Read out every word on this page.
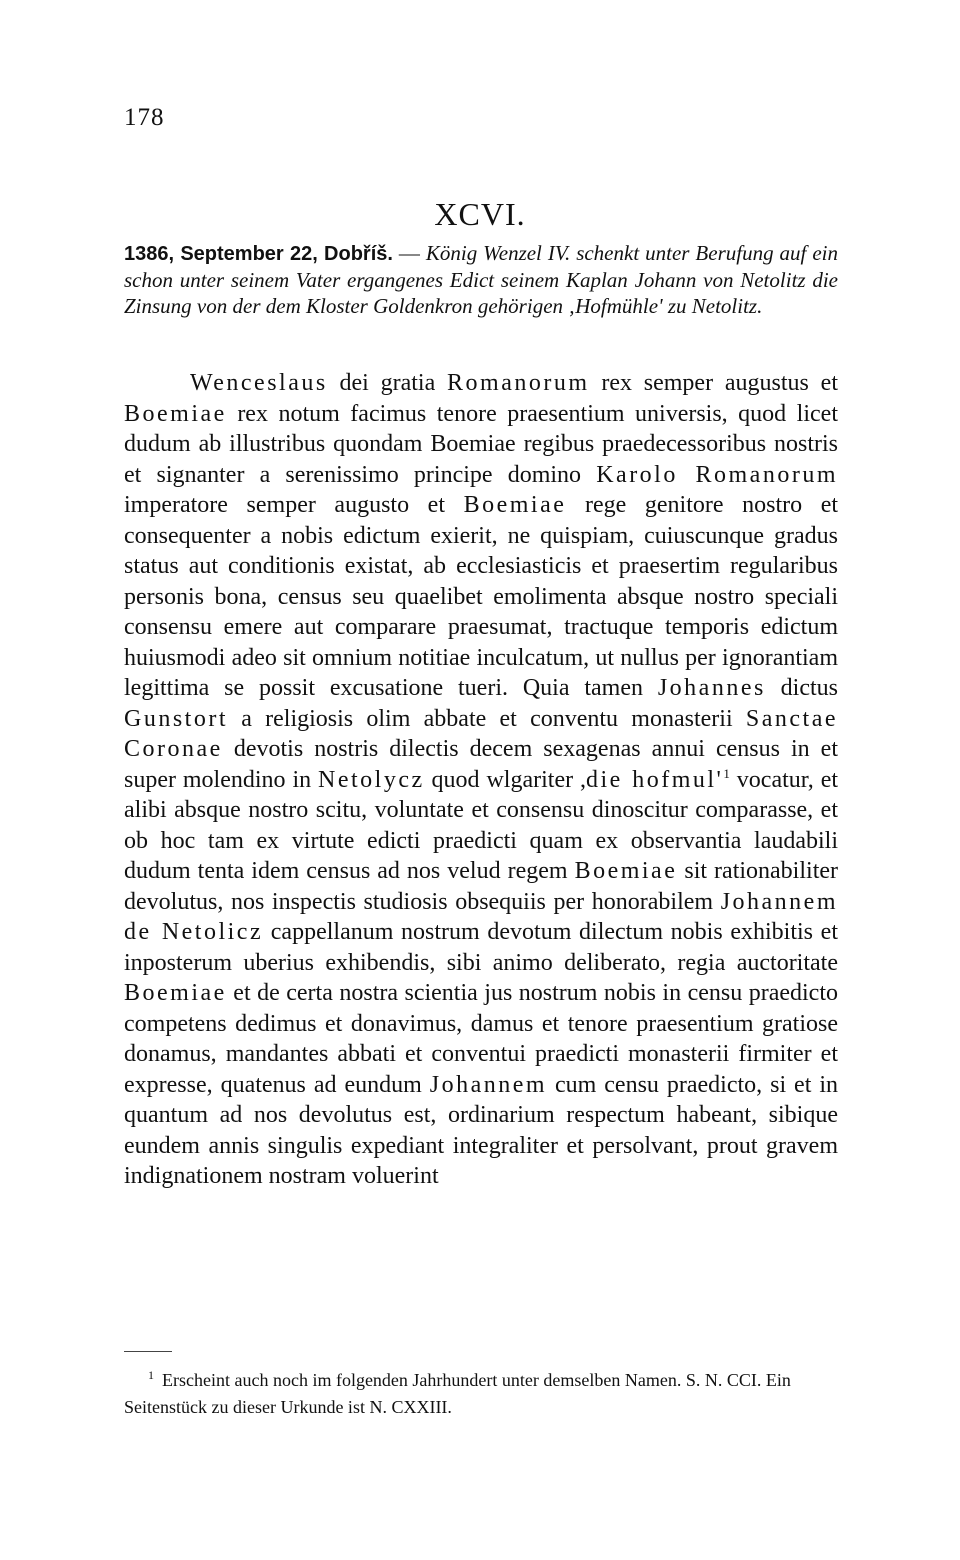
178
XCVI.
1386, September 22, Dobříš. — König Wenzel IV. schenkt unter Berufung auf ein schon unter seinem Vater ergangenes Edict seinem Kaplan Johann von Netolitz die Zinsung von der dem Kloster Goldenkron gehörigen ‚Hofmühle' zu Netolitz.
Wenceslaus dei gratia Romanorum rex semper augustus et Boemiae rex notum facimus tenore praesentium universis, quod licet dudum ab illustribus quondam Boemiae regibus praedecessoribus nostris et signanter a serenissimo principe domino Karolo Romanorum imperatore semper augusto et Boemiae rege genitore nostro et consequenter a nobis edictum exierit, ne quispiam, cuiuscunque gradus status aut conditionis existat, ab ecclesiasticis et praesertim regularibus personis bona, census seu quaelibet emolimenta absque nostro speciali consensu emere aut comparare praesumat, tractuque temporis edictum huiusmodi adeo sit omnium notitiae inculcatum, ut nullus per ignorantiam legittima se possit excusatione tueri. Quia tamen Johannes dictus Gunstort a religiosis olim abbate et conventu monasterii Sanctae Coronae devotis nostris dilectis decem sexagenas annui census in et super molendino in Netolycz quod wlgariter ,die hofmul'$^1$ vocatur, et alibi absque nostro scitu, voluntate et consensu dinoscitur comparasse, et ob hoc tam ex virtute edicti praedicti quam ex observantia laudabili dudum tenta idem census ad nos velud regem Boemiae sit rationabiliter devolutus, nos inspectis studiosis obsequiis per honorabilem Johannem de Netolicz cappellanum nostrum devotum dilectum nobis exhibitis et inposterum uberius exhibendis, sibi animo deliberato, regia auctoritate Boemiae et de certa nostra scientia jus nostrum nobis in censu praedicto competens dedimus et donavimus, damus et tenore praesentium gratiose donamus, mandantes abbati et conventui praedicti monasterii firmiter et expresse, quatenus ad eundum Johannem cum censu praedicto, si et in quantum ad nos devolutus est, ordinarium respectum habeant, sibique eundem annis singulis expediant integraliter et persolvant, prout gravem indignationem nostram voluerint
$^1$ Erscheint auch noch im folgenden Jahrhundert unter demselben Namen. S. N. CCI. Ein Seitenstück zu dieser Urkunde ist N. CXXIII.
